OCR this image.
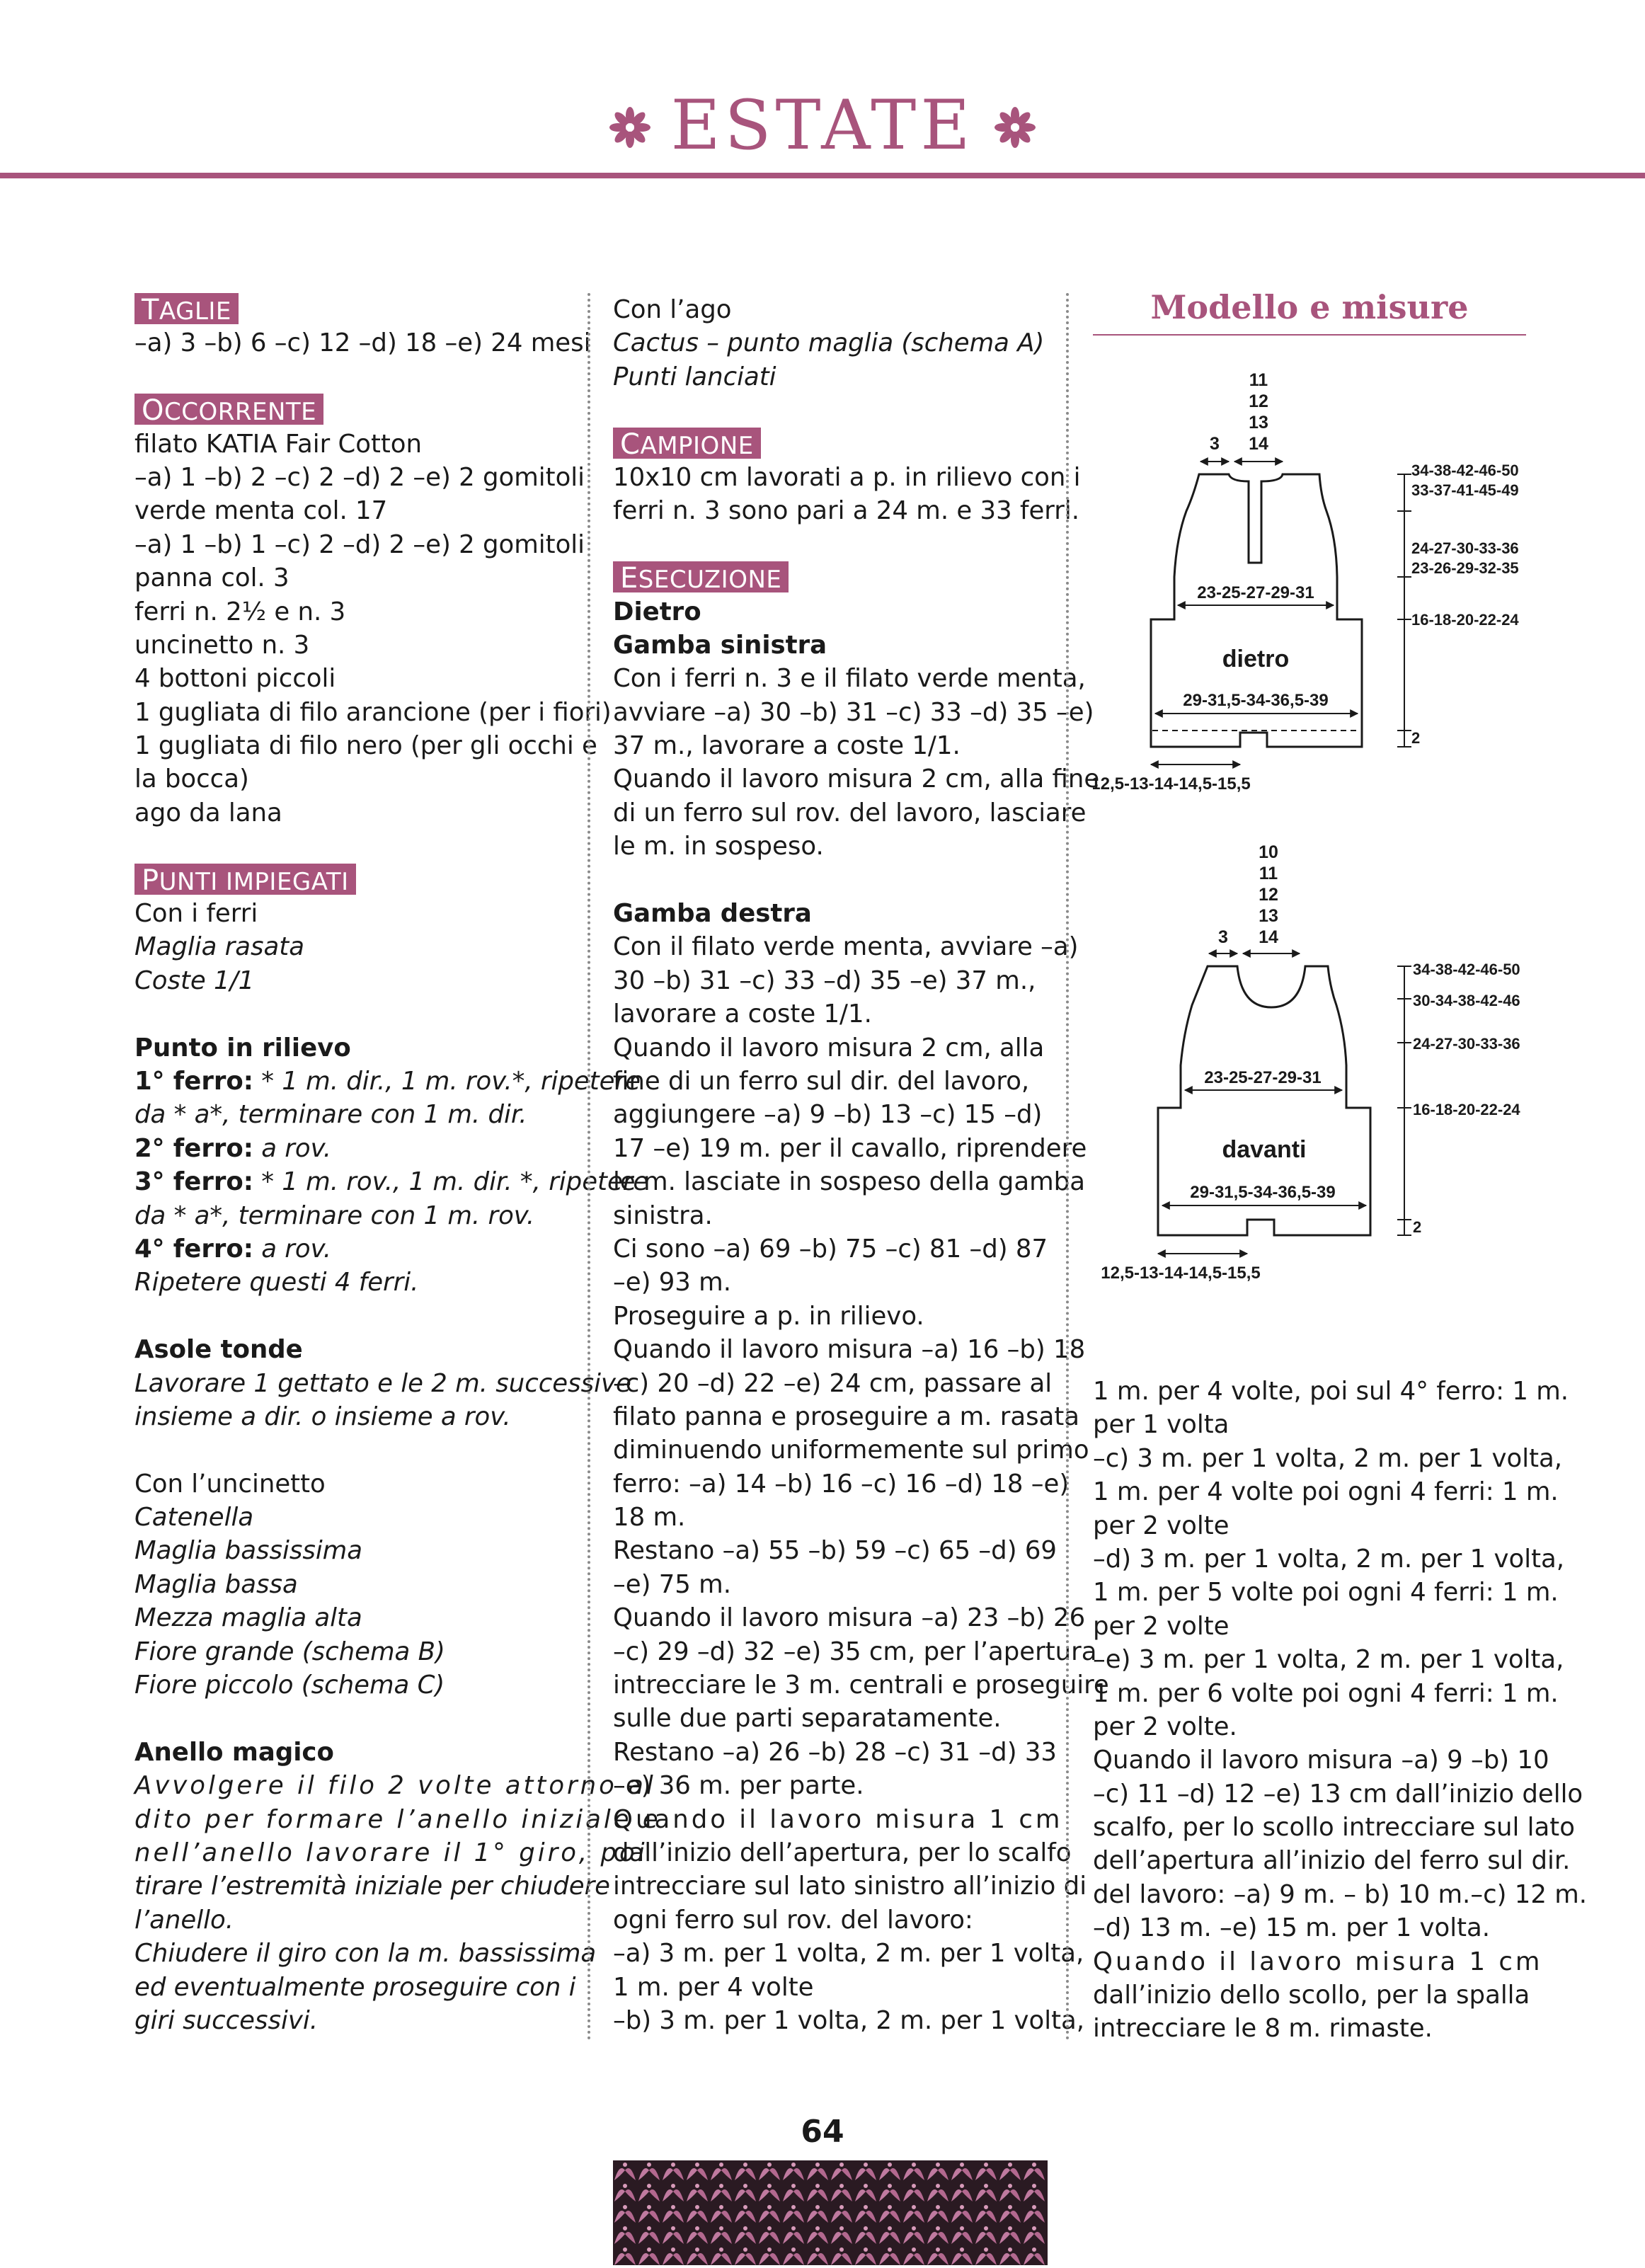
ESTATE
TAGLIE
–a) 3 –b) 6 –c) 12 –d) 18 –e) 24 mesi
OCCORRENTE
filato KATIA Fair Cotton
–a) 1 –b) 2 –c) 2 –d) 2 –e) 2 gomitoli
verde menta col. 17
–a) 1 –b) 1 –c) 2 –d) 2 –e) 2 gomitoli
panna col. 3
ferri n. 2½ e n. 3
uncinetto n. 3
4 bottoni piccoli
1 gugliata di filo arancione (per i fiori)
1 gugliata di filo nero (per gli occhi e
la bocca)
ago da lana
PUNTI IMPIEGATI
Con i ferri
Maglia rasata
Coste 1/1
Punto in rilievo
1° ferro: * 1 m. dir., 1 m. rov.*, ripetere
da * a*, terminare con 1 m. dir.
2° ferro: a rov.
3° ferro: * 1 m. rov., 1 m. dir. *, ripetere
da * a*, terminare con 1 m. rov.
4° ferro: a rov.
Ripetere questi 4 ferri.
Asole tonde
Lavorare 1 gettato e le 2 m. successive
insieme a dir. o insieme a rov.
Con l’uncinetto
Catenella
Maglia bassissima
Maglia bassa
Mezza maglia alta
Fiore grande (schema B)
Fiore piccolo (schema C)
Anello magico
Avvolgere il filo 2 volte attorno al
dito per formare l’anello iniziale e
nell’anello lavorare il 1° giro, poi
tirare l’estremità iniziale per chiudere
l’anello.
Chiudere il giro con la m. bassissima
ed eventualmente proseguire con i
giri successivi.
Con l’ago
Cactus – punto maglia (schema A)
Punti lanciati
CAMPIONE
10x10 cm lavorati a p. in rilievo con i
ferri n. 3 sono pari a 24 m. e 33 ferri.
ESECUZIONE
Dietro
Gamba sinistra
Con i ferri n. 3 e il filato verde menta,
avviare –a) 30 –b) 31 –c) 33 –d) 35 –e)
37 m., lavorare a coste 1/1.
Quando il lavoro misura 2 cm, alla fine
di un ferro sul rov. del lavoro, lasciare
le m. in sospeso.
Gamba destra
Con il filato verde menta, avviare –a)
30 –b) 31 –c) 33 –d) 35 –e) 37 m.,
lavorare a coste 1/1.
Quando il lavoro misura 2 cm, alla
fine di un ferro sul dir. del lavoro,
aggiungere –a) 9 –b) 13 –c) 15 –d)
17 –e) 19 m. per il cavallo, riprendere
le m. lasciate in sospeso della gamba
sinistra.
Ci sono –a) 69 –b) 75 –c) 81 –d) 87
–e) 93 m.
Proseguire a p. in rilievo.
Quando il lavoro misura –a) 16 –b) 18
–c) 20 –d) 22 –e) 24 cm, passare al
filato panna e proseguire a m. rasata
diminuendo uniformemente sul primo
ferro: –a) 14 –b) 16 –c) 16 –d) 18 –e)
18 m.
Restano –a) 55 –b) 59 –c) 65 –d) 69
–e) 75 m.
Quando il lavoro misura –a) 23 –b) 26
–c) 29 –d) 32 –e) 35 cm, per l’apertura
intrecciare le 3 m. centrali e proseguire
sulle due parti separatamente.
Restano –a) 26 –b) 28 –c) 31 –d) 33
–e) 36 m. per parte.
Quando il lavoro misura 1 cm
dall’inizio dell’apertura, per lo scalfo
intrecciare sul lato sinistro all’inizio di
ogni ferro sul rov. del lavoro:
–a) 3 m. per 1 volta, 2 m. per 1 volta,
1 m. per 4 volte
–b) 3 m. per 1 volta, 2 m. per 1 volta,
Modello e misure
11
12
13
14
3
23-25-27-29-31
dietro
29-31,5-34-36,5-39
12,5-13-14-14,5-15,5
34-38-42-46-50
33-37-41-45-49
24-27-30-33-36
23-26-29-32-35
16-18-20-22-24
2
10
11
12
13
14
3
23-25-27-29-31
davanti
29-31,5-34-36,5-39
12,5-13-14-14,5-15,5
34-38-42-46-50
30-34-38-42-46
24-27-30-33-36
16-18-20-22-24
2
1 m. per 4 volte, poi sul 4° ferro: 1 m.
per 1 volta
–c) 3 m. per 1 volta, 2 m. per 1 volta,
1 m. per 4 volte poi ogni 4 ferri: 1 m.
per 2 volte
–d) 3 m. per 1 volta, 2 m. per 1 volta,
1 m. per 5 volte poi ogni 4 ferri: 1 m.
per 2 volte
–e) 3 m. per 1 volta, 2 m. per 1 volta,
1 m. per 6 volte poi ogni 4 ferri: 1 m.
per 2 volte.
Quando il lavoro misura –a) 9 –b) 10
–c) 11 –d) 12 –e) 13 cm dall’inizio dello
scalfo, per lo scollo intrecciare sul lato
dell’apertura all’inizio del ferro sul dir.
del lavoro: –a) 9 m. – b) 10 m.–c) 12 m.
–d) 13 m. –e) 15 m. per 1 volta.
Quando il lavoro misura 1 cm
dall’inizio dello scollo, per la spalla
intrecciare le 8 m. rimaste.
64
